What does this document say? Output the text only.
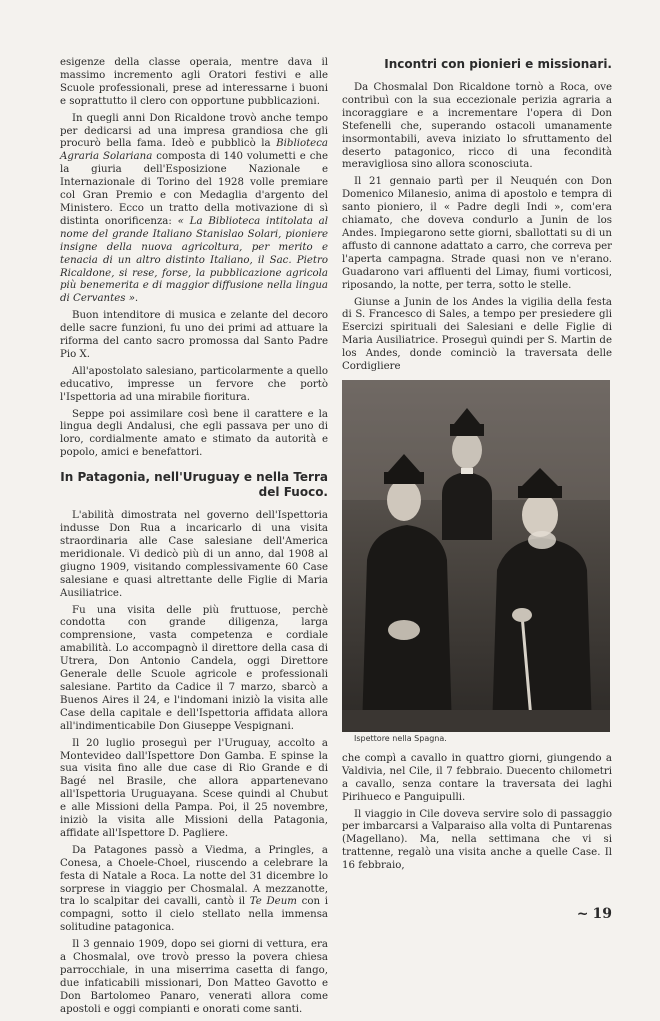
esigenze della classe operaia, mentre dava il massimo incremento agli Oratori festivi e alle Scuole professionali, prese ad interessarne i buoni e soprattutto il clero con opportune pubblicazioni.

In quegli anni Don Ricaldone trovò anche tempo per dedicarsi ad una impresa grandiosa che gli procurò bella fama. Ideò e pubblicò la Biblioteca Agraria Solariana composta di 140 volumetti e che la giuria dell'Esposizione Nazionale e Internazionale di Torino del 1928 volle premiare col Gran Premio e con Medaglia d'argento del Ministero. Ecco un tratto della motivazione di sì distinta onorificenza: « La Biblioteca intitolata al nome del grande Italiano Stanislao Solari, pioniere insigne della nuova agricoltura, per merito e tenacia di un altro distinto Italiano, il Sac. Pietro Ricaldone, si rese, forse, la pubblicazione agricola più benemerita e di maggior diffusione nella lingua di Cervantes ».

Buon intenditore di musica e zelante del decoro delle sacre funzioni, fu uno dei primi ad attuare la riforma del canto sacro promossa dal Santo Padre Pio X.

All'apostolato salesiano, particolarmente a quello educativo, impresse un fervore che portò l'Ispettoria ad una mirabile fioritura.

Seppe poi assimilare così bene il carattere e la lingua degli Andalusi, che egli passava per uno di loro, cordialmente amato e stimato da autorità e popolo, amici e benefattori.

In Patagonia, nell'Uruguay e nella Terra del Fuoco.

L'abilità dimostrata nel governo dell'Ispettoria indusse Don Rua a incaricarlo di una visita straordinaria alle Case salesiane dell'America meridionale. Vi dedicò più di un anno, dal 1908 al giugno 1909, visitando complessivamente 60 Case salesiane e quasi altrettante delle Figlie di Maria Ausiliatrice.

Fu una visita delle più fruttuose, perchè condotta con grande diligenza, larga comprensione, vasta competenza e cordiale amabilità. Lo accompagnò il direttore della casa di Utrera, Don Antonio Candela, oggi Direttore Generale delle Scuole agricole e professionali salesiane. Partito da Cadice il 7 marzo, sbarcò a Buenos Aires il 24, e l'indomani iniziò la visita alle Case della capitale e dell'Ispettoria affidata allora all'indimenticabile Don Giuseppe Vespignani.

Il 20 luglio proseguì per l'Uruguay, accolto a Montevideo dall'Ispettore Don Gamba. E spinse la sua visita fino alle due case di Rio Grande e di Bagé nel Brasile, che allora appartenevano all'Ispettoria Uruguayana. Scese quindi al Chubut e alle Missioni della Pampa. Poi, il 25 novembre, iniziò la visita alle Missioni della Patagonia, affidate all'Ispettore D. Pagliere.

Da Patagones passò a Viedma, a Pringles, a Conesa, a Choele-Choel, riuscendo a celebrare la festa di Natale a Roca. La notte del 31 dicembre lo sorprese in viaggio per Chosmalal. A mezzanotte, tra lo scalpitar dei cavalli, cantò il Te Deum con i compagni, sotto il cielo stellato nella immensa solitudine patagonica.

Il 3 gennaio 1909, dopo sei giorni di vettura, era a Chosmalal, ove trovò presso la povera chiesa parrocchiale, in una miserrima casetta di fango, due infaticabili missionari, Don Matteo Gavotto e Don Bartolomeo Panaro, venerati allora come apostoli e oggi compianti e onorati come santi.

Incontri con pionieri e missionari.

Da Chosmalal Don Ricaldone tornò a Roca, ove contribuì con la sua eccezionale perizia agraria a incoraggiare e a incrementare l'opera di Don Stefenelli che, superando ostacoli umanamente insormontabili, aveva iniziato lo sfruttamento del deserto patagonico, ricco di una fecondità meravigliosa sino allora sconosciuta.

Il 21 gennaio partì per il Neuquén con Don Domenico Milanesio, anima di apostolo e tempra di santo pioniero, il « Padre degli Indi », com'era chiamato, che doveva condurlo a Junin de los Andes. Impiegarono sette giorni, sballottati su di un affusto di cannone adattato a carro, che correva per l'aperta campagna. Strade quasi non ve n'erano. Guadarono vari affluenti del Limay, fiumi vorticosi, riposando, la notte, per terra, sotto le stelle.

Giunse a Junin de los Andes la vigilia della festa di S. Francesco di Sales, a tempo per presiedere gli Esercizi spirituali dei Salesiani e delle Figlie di Maria Ausiliatrice. Proseguì quindi per S. Martin de los Andes, donde cominciò la traversata delle Cordigliere

Ispettore nella Spagna.

che compì a cavallo in quattro giorni, giungendo a Valdivia, nel Cile, il 7 febbraio. Duecento chilometri a cavallo, senza contare la traversata dei laghi Pirihueco e Panguipulli.

Il viaggio in Cile doveva servire solo di passaggio per imbarcarsi a Valparaiso alla volta di Puntarenas (Magellano). Ma, nella settimana che vi si trattenne, regalò una visita anche a quelle Case. Il 16 febbraio,

~ 19
